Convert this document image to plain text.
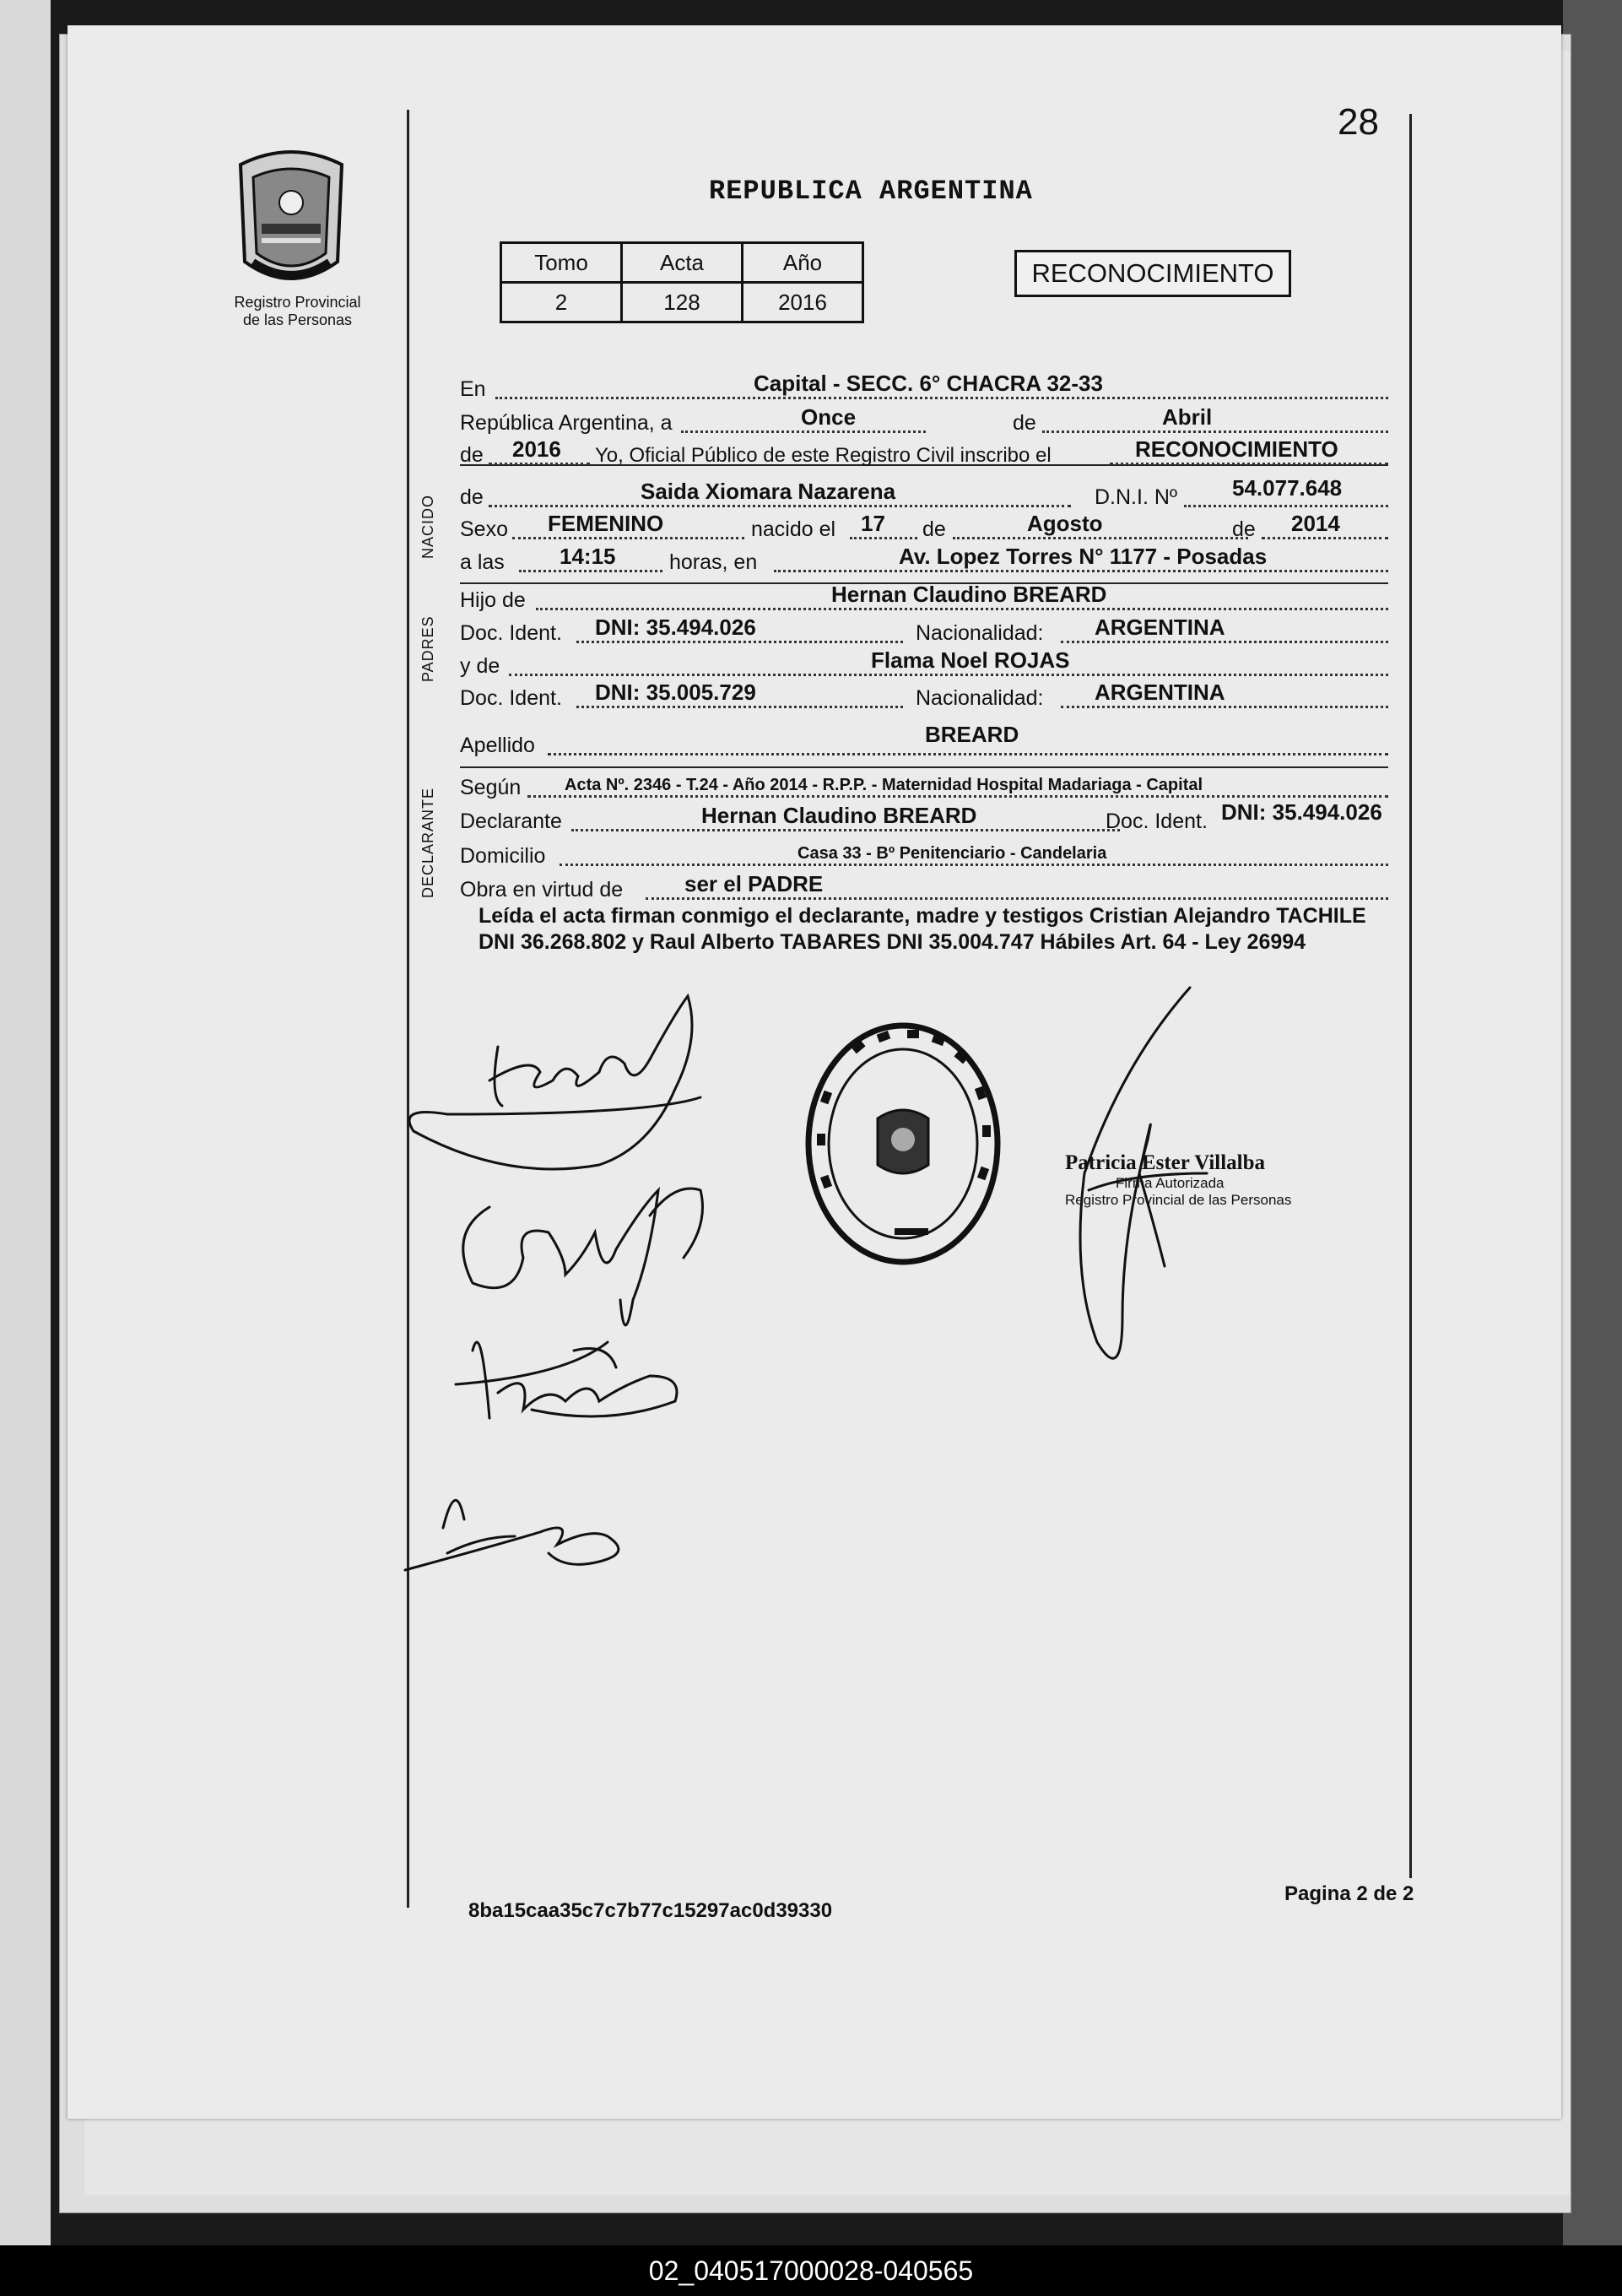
28
Registro Provincial
de las Personas
REPUBLICA ARGENTINA
Tomo	Acta	Año
2	128	2016
RECONOCIMIENTO
NACIDO
PADRES
DECLARANTE
En	Capital - SECC. 6° CHACRA 32-33
República Argentina, a	Once	de	Abril
de 2016 Yo, Oficial Público de este Registro Civil inscribo el	RECONOCIMIENTO
de	Saida Xiomara Nazarena	D.N.I. Nº 54.077.648
Sexo FEMENINO	nacido el 17 de	Agosto	de 2014
a las	14:15	horas, en	Av. Lopez Torres N° 1177 - Posadas
Hijo de	Hernan Claudino BREARD
Doc. Ident. DNI: 35.494.026	Nacionalidad: ARGENTINA
y de	Flama Noel ROJAS
Doc. Ident. DNI: 35.005.729	Nacionalidad: ARGENTINA
Apellido	BREARD
Según	Acta Nº. 2346 - T.24 - Año 2014 - R.P.P. - Maternidad Hospital Madariaga - Capital
Declarante	Hernan Claudino BREARD	Doc. Ident. DNI: 35.494.026
Domicilio	Casa 33 - Bº Penitenciario - Candelaria
Obra en virtud de	ser el PADRE
Leída el acta firman conmigo el declarante, madre y testigos Cristian Alejandro TACHILE DNI 36.268.802 y Raul Alberto TABARES DNI 35.004.747 Hábiles Art. 64 - Ley 26994
Patricia Ester Villalba
Firma Autorizada
Registro Provincial de las Personas
8ba15caa35c7c7b77c15297ac0d39330
Pagina 2 de 2
02_040517000028-040565
